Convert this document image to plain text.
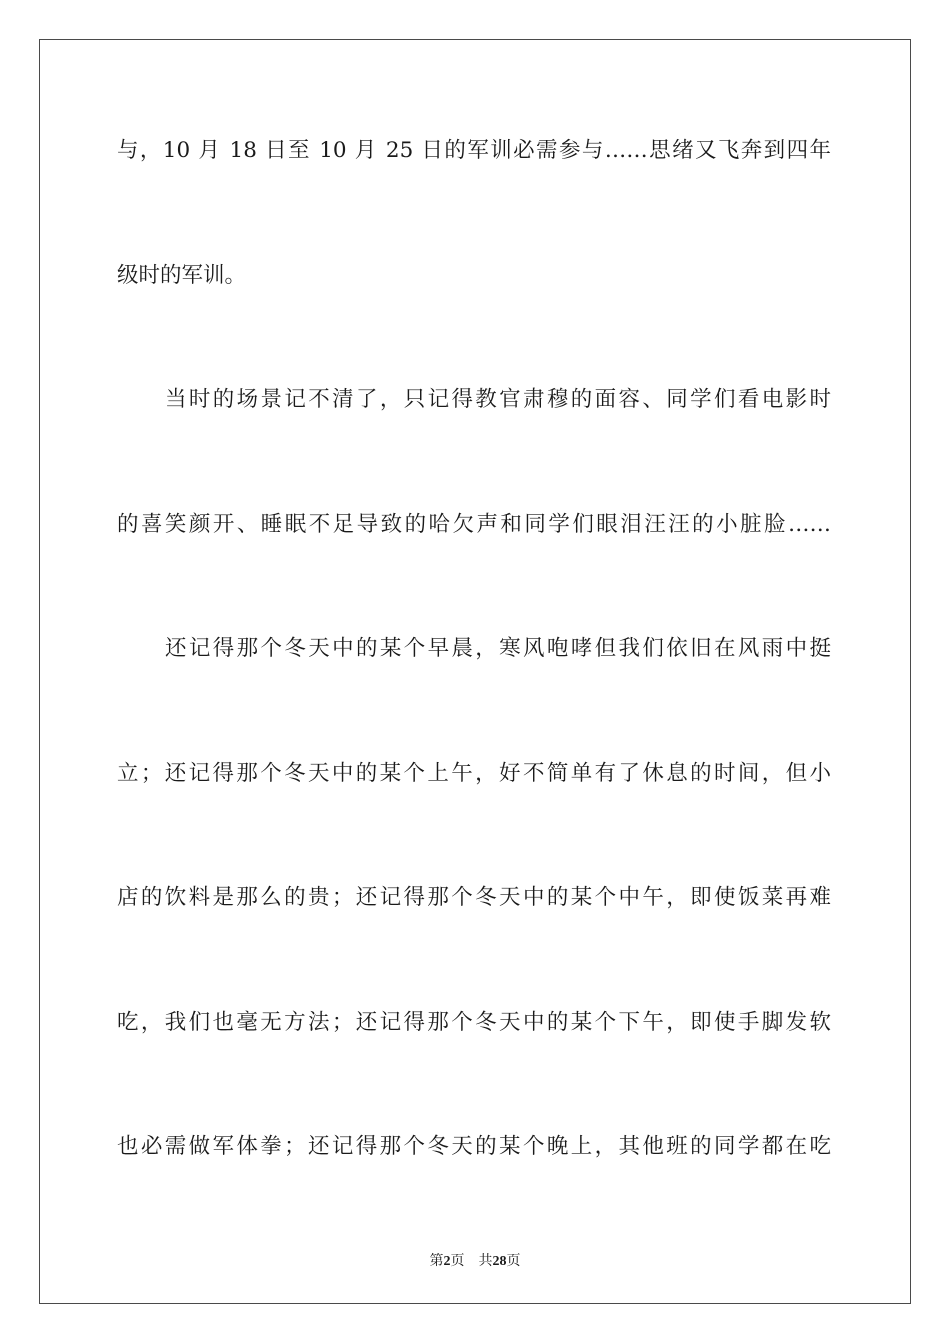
与，10 月 18 日至 10 月 25 日的军训必需参与……思绪又飞奔到四年
级时的军训。
当时的场景记不清了，只记得教官肃穆的面容、同学们看电影时
的喜笑颜开、睡眠不足导致的哈欠声和同学们眼泪汪汪的小脏脸……
还记得那个冬天中的某个早晨，寒风咆哮但我们依旧在风雨中挺
立；还记得那个冬天中的某个上午，好不简单有了休息的时间，但小
店的饮料是那么的贵；还记得那个冬天中的某个中午，即使饭菜再难
吃，我们也毫无方法；还记得那个冬天中的某个下午，即使手脚发软
也必需做军体拳；还记得那个冬天的某个晚上，其他班的同学都在吃
第2页 共28页
